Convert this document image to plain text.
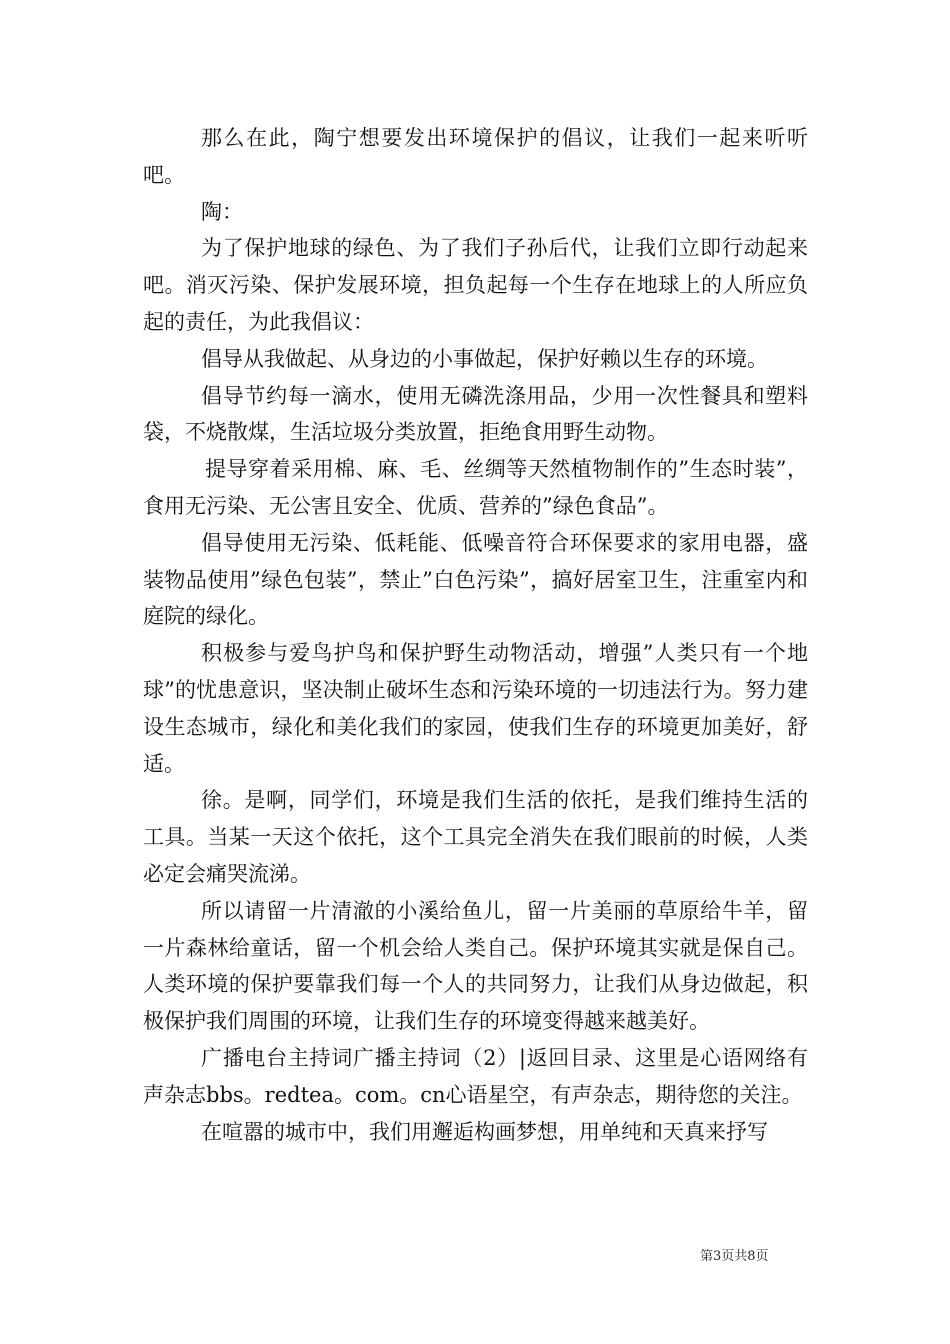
那么在此，陶宁想要发出环境保护的倡议，让我们一起来听听吧。

陶：

为了保护地球的绿色、为了我们子孙后代，让我们立即行动起来吧。消灭污染、保护发展环境，担负起每一个生存在地球上的人所应负起的责任，为此我倡议：

倡导从我做起、从身边的小事做起，保护好赖以生存的环境。

倡导节约每一滴水，使用无磷洗涤用品，少用一次性餐具和塑料袋，不烧散煤，生活垃圾分类放置，拒绝食用野生动物。

提导穿着采用棉、麻、毛、丝绸等天然植物制作的”生态时装”，食用无污染、无公害且安全、优质、营养的”绿色食品”。

倡导使用无污染、低耗能、低噪音符合环保要求的家用电器，盛装物品使用”绿色包装”，禁止”白色污染”，搞好居室卫生，注重室内和庭院的绿化。

积极参与爱鸟护鸟和保护野生动物活动，增强”人类只有一个地球”的忧患意识，坚决制止破坏生态和污染环境的一切违法行为。努力建设生态城市，绿化和美化我们的家园，使我们生存的环境更加美好，舒适。

徐。是啊，同学们，环境是我们生活的依托，是我们维持生活的工具。当某一天这个依托，这个工具完全消失在我们眼前的时候，人类必定会痛哭流涕。

所以请留一片清澈的小溪给鱼儿，留一片美丽的草原给牛羊，留一片森林给童话，留一个机会给人类自己。保护环境其实就是保自己。人类环境的保护要靠我们每一个人的共同努力，让我们从身边做起，积极保护我们周围的环境，让我们生存的环境变得越来越美好。

广播电台主持词广播主持词（2）|返回目录、这里是心语网络有声杂志bbs。redtea。com。cn心语星空，有声杂志，期待您的关注。

在喧嚣的城市中，我们用邂逅构画梦想，用单纯和天真来抒写

第3页共8页
